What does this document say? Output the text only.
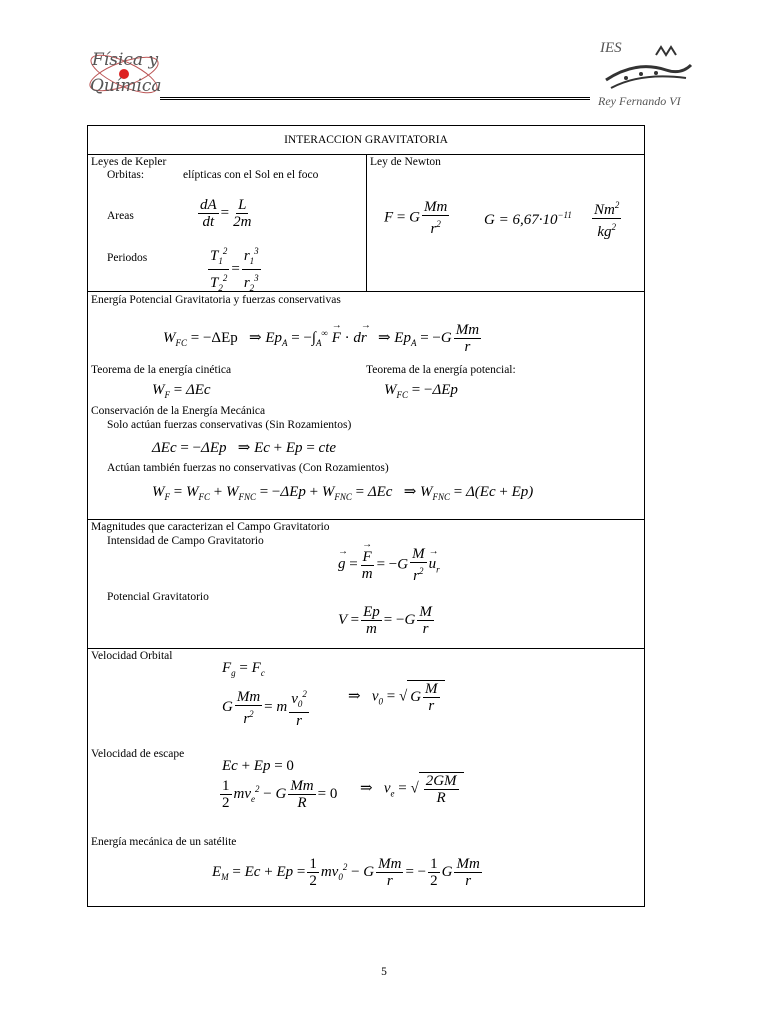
Física y
Química
IES
Rey Fernando VI
INTERACCION GRAVITATORIA
Leyes de Kepler
Orbitas:	elípticas con el Sol en el foco
Areas	$\frac{dA}{dt} = \frac{L}{2m}$
Periodos	$\frac{T_1^2}{T_2^2} = \frac{r_1^3}{r_2^3}$
Ley de Newton
F = G $\frac{Mm}{r^2}$ $G = 6,67\cdot 10^{-11} \frac{Nm^2}{kg^2}$
Energía Potencial Gravitatoria y fuerzas conservativas
$W_{FC} = -\Delta Ep$   ⇒ $Ep_A = -\int_A^\infty \to F \cdot d\to r$ ⇒ $Ep_A = -G \frac{Mm}{r}$
Teorema de la energía cinética
$W_F = \Delta Ec$
Teorema de la energía potencial:
$W_{FC} = -\Delta Ep$
Conservación de la Energía Mecánica
Solo actúan fuerzas conservativas (Sin Rozamientos)
ΔEc = −ΔEp   ⇒ Ec + Ep = cte
Actúan también fuerzas no conservativas (Con Rozamientos)
$W_F = W_{FC} + W_{FNC} = -\Delta Ep + W_{FNC} = \Delta Ec$   ⇒ $W_{FNC} = \Delta(Ec + Ep)$
Magnitudes que caracterizan el Campo Gravitatorio
Intensidad de Campo Gravitatorio
→ g =
→ $\frac{F}{m} = -G \frac{M}{r^2}$
→ $u_r$
Potencial Gravitatorio
$V = \frac{Ep}{m} = -G \frac{M}{r}$
Velocidad Orbital
$F_g = F_c$
G $\frac{Mm}{r^2} = m \frac{v_0^2}{r}$	⇒   $v_0$ = √ G $\frac{M}{r}$
Velocidad de escape
Ec + Ep = 0
$\frac{1}{2} mv_e^2 - G \frac{Mm}{R} = 0$ ⇒   $v_e$ = √ $\frac{2GM}{R}$
Energía mecánica de un satélite
$E_M = Ec + Ep = \frac{1}{2} mv_0^2 - G \frac{Mm}{r}$ = − $\frac{1}{2}$ G $\frac{Mm}{r}$
5
